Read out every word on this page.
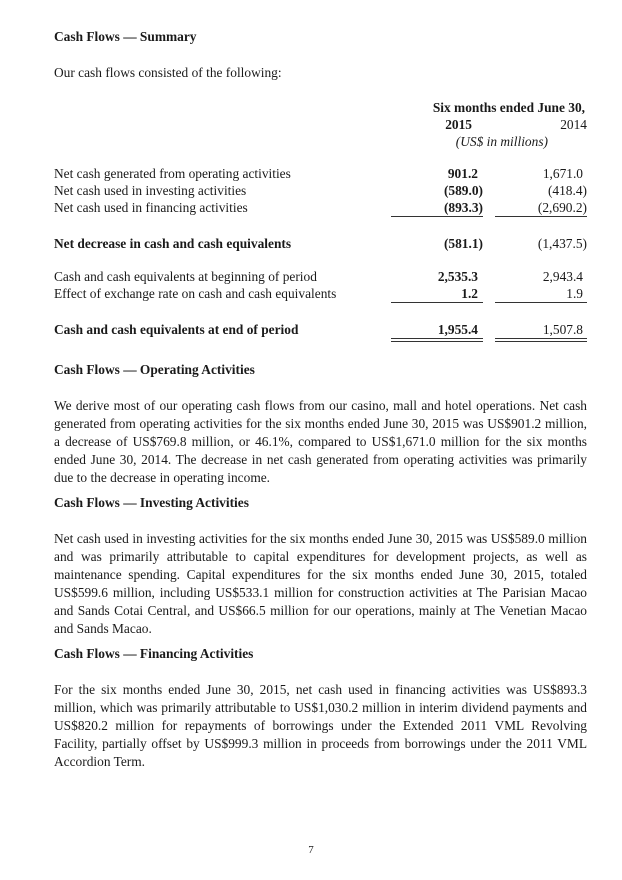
Cash Flows — Summary
Our cash flows consisted of the following:
Six months ended June 30,
2015	2014
(US$ in millions)
Net cash generated from operating activities	901.2	1,671.0
Net cash used in investing activities	(589.0)	(418.4)
Net cash used in financing activities	(893.3)	(2,690.2)
Net decrease in cash and cash equivalents	(581.1)	(1,437.5)
Cash and cash equivalents at beginning of period	2,535.3	2,943.4
Effect of exchange rate on cash and cash equivalents	1.2	1.9
Cash and cash equivalents at end of period	1,955.4	1,507.8
Cash Flows — Operating Activities

We derive most of our operating cash flows from our casino, mall and hotel operations. Net cash generated from operating activities for the six months ended June 30, 2015 was US$901.2 million, a decrease of US$769.8 million, or 46.1%, compared to US$1,671.0 million for the six months ended June 30, 2014. The decrease in net cash generated from operating activities was primarily due to the decrease in operating income.

Cash Flows — Investing Activities

Net cash used in investing activities for the six months ended June 30, 2015 was US$589.0 million and was primarily attributable to capital expenditures for development projects, as well as maintenance spending. Capital expenditures for the six months ended June 30, 2015, totaled US$599.6 million, including US$533.1 million for construction activities at The Parisian Macao and Sands Cotai Central, and US$66.5 million for our operations, mainly at The Venetian Macao and Sands Macao.

Cash Flows — Financing Activities

For the six months ended June 30, 2015, net cash used in financing activities was US$893.3 million, which was primarily attributable to US$1,030.2 million in interim dividend payments and US$820.2 million for repayments of borrowings under the Extended 2011 VML Revolving Facility, partially offset by US$999.3 million in proceeds from borrowings under the 2011 VML Accordion Term.

7
